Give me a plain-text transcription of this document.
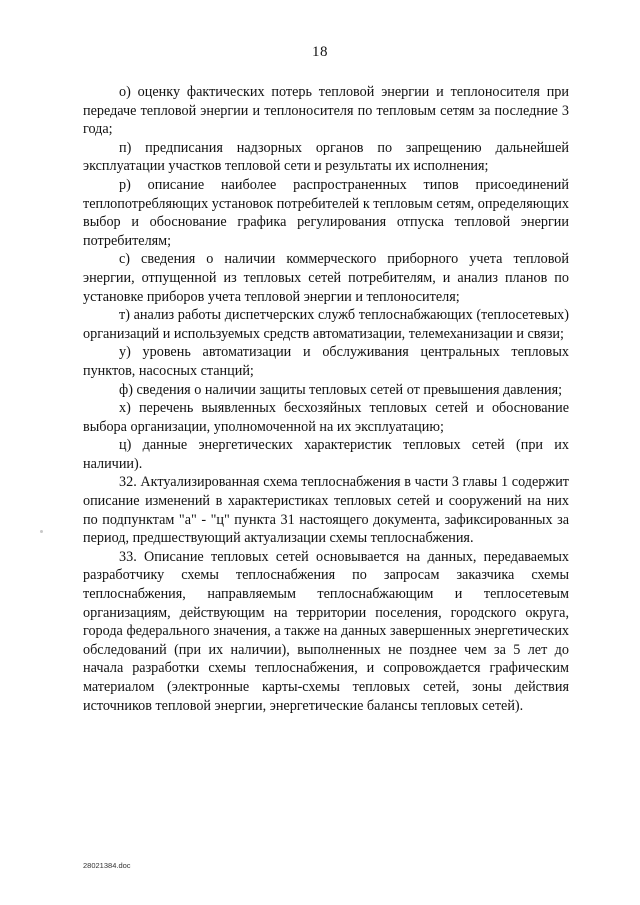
18

о) оценку фактических потерь тепловой энергии и теплоносителя при передаче тепловой энергии и теплоносителя по тепловым сетям за последние 3 года;

п) предписания надзорных органов по запрещению дальнейшей эксплуатации участков тепловой сети и результаты их исполнения;

р) описание наиболее распространенных типов присоединений теплопотребляющих установок потребителей к тепловым сетям, определяющих выбор и обоснование графика регулирования отпуска тепловой энергии потребителям;

с) сведения о наличии коммерческого приборного учета тепловой энергии, отпущенной из тепловых сетей потребителям, и анализ планов по установке приборов учета тепловой энергии и теплоносителя;

т) анализ работы диспетчерских служб теплоснабжающих (теплосетевых) организаций и используемых средств автоматизации, телемеханизации и связи;

у) уровень автоматизации и обслуживания центральных тепловых пунктов, насосных станций;

ф) сведения о наличии защиты тепловых сетей от превышения давления;

х) перечень выявленных бесхозяйных тепловых сетей и обоснование выбора организации, уполномоченной на их эксплуатацию;

ц) данные энергетических характеристик тепловых сетей (при их наличии).

32. Актуализированная схема теплоснабжения в части 3 главы 1 содержит описание изменений в характеристиках тепловых сетей и сооружений на них по подпунктам "а" - "ц" пункта 31 настоящего документа, зафиксированных за период, предшествующий актуализации схемы теплоснабжения.

33. Описание тепловых сетей основывается на данных, передаваемых разработчику схемы теплоснабжения по запросам заказчика схемы теплоснабжения, направляемым теплоснабжающим и теплосетевым организациям, действующим на территории поселения, городского округа, города федерального значения, а также на данных завершенных энергетических обследований (при их наличии), выполненных не позднее чем за 5 лет до начала разработки схемы теплоснабжения, и сопровождается графическим материалом (электронные карты-схемы тепловых сетей, зоны действия источников тепловой энергии, энергетические балансы тепловых сетей).

28021384.doc
